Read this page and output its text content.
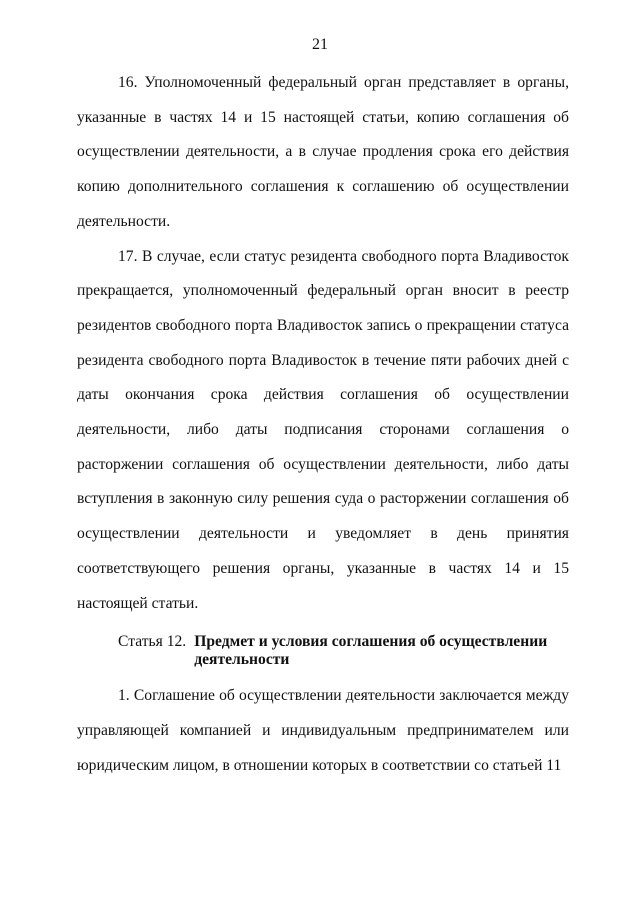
21

16. Уполномоченный федеральный орган представляет в органы, указанные в частях 14 и 15 настоящей статьи, копию соглашения об осуществлении деятельности, а в случае продления срока его действия копию дополнительного соглашения к соглашению об осуществлении деятельности.

17. В случае, если статус резидента свободного порта Владивосток прекращается, уполномоченный федеральный орган вносит в реестр резидентов свободного порта Владивосток запись о прекращении статуса резидента свободного порта Владивосток в течение пяти рабочих дней с даты окончания срока действия соглашения об осуществлении деятельности, либо даты подписания сторонами соглашения о расторжении соглашения об осуществлении деятельности, либо даты вступления в законную силу решения суда о расторжении соглашения об осуществлении деятельности и уведомляет в день принятия соответствующего решения органы, указанные в частях 14 и 15 настоящей статьи.

Статья 12. Предмет и условия соглашения об осуществлении деятельности

1. Соглашение об осуществлении деятельности заключается между управляющей компанией и индивидуальным предпринимателем или юридическим лицом, в отношении которых в соответствии со статьей 11
